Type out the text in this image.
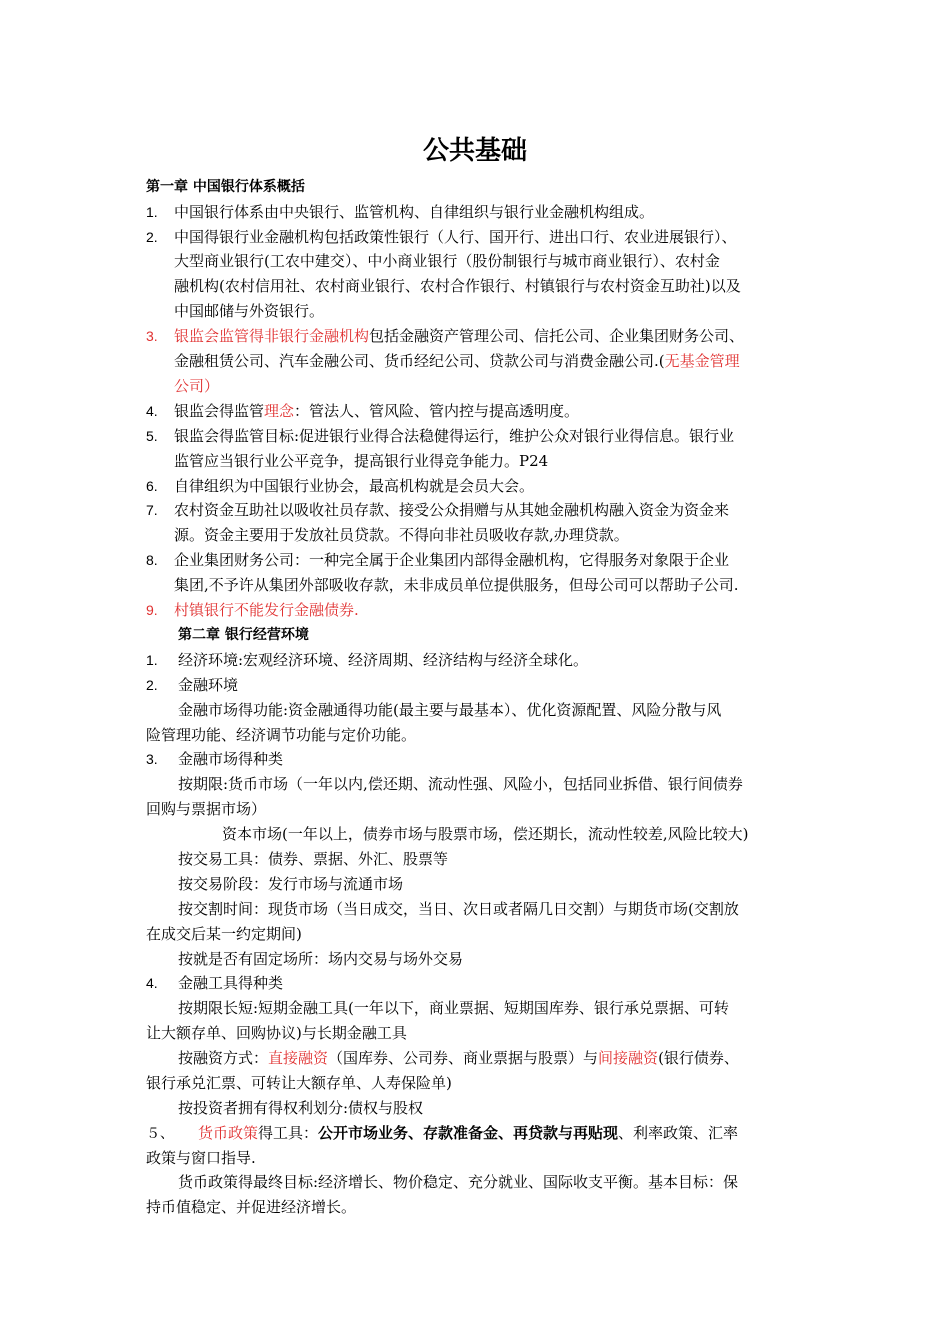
公共基础
第一章 中国银行体系概括
1. 中国银行体系由中央银行、监管机构、自律组织与银行业金融机构组成。
2. 中国得银行业金融机构包括政策性银行（人行、国开行、进出口行、农业进展银行）、
大型商业银行(工农中建交）、中小商业银行（股份制银行与城市商业银行）、农村金
融机构(农村信用社、农村商业银行、农村合作银行、村镇银行与农村资金互助社)以及
中国邮储与外资银行。
3. 银监会监管得非银行金融机构包括金融资产管理公司、信托公司、企业集团财务公司、
金融租赁公司、汽车金融公司、货币经纪公司、贷款公司与消费金融公司.(无基金管理
公司）
4. 银监会得监管理念：管法人、管风险、管内控与提高透明度。
5. 银监会得监管目标:促进银行业得合法稳健得运行，维护公众对银行业得信息。银行业
监管应当银行业公平竞争，提高银行业得竞争能力。P24
6. 自律组织为中国银行业协会，最高机构就是会员大会。
7. 农村资金互助社以吸收社员存款、接受公众捐赠与从其她金融机构融入资金为资金来
源。资金主要用于发放社员贷款。不得向非社员吸收存款,办理贷款。
8. 企业集团财务公司：一种完全属于企业集团内部得金融机构，它得服务对象限于企业
集团,不予许从集团外部吸收存款，未非成员单位提供服务，但母公司可以帮助子公司.
9. 村镇银行不能发行金融债券.
第二章 银行经营环境
1. 经济环境:宏观经济环境、经济周期、经济结构与经济全球化。
2. 金融环境
金融市场得功能:资金融通得功能(最主要与最基本）、优化资源配置、风险分散与风
险管理功能、经济调节功能与定价功能。
3. 金融市场得种类
按期限:货币市场（一年以内,偿还期、流动性强、风险小，包括同业拆借、银行间债券
回购与票据市场）
资本市场(一年以上，债券市场与股票市场，偿还期长，流动性较差,风险比较大)
按交易工具：债券、票据、外汇、股票等
按交易阶段：发行市场与流通市场
按交割时间：现货市场（当日成交，当日、次日或者隔几日交割）与期货市场(交割放
在成交后某一约定期间)
按就是否有固定场所：场内交易与场外交易
4. 金融工具得种类
按期限长短:短期金融工具(一年以下，商业票据、短期国库券、银行承兑票据、可转
让大额存单、回购协议)与长期金融工具
按融资方式：直接融资（国库券、公司券、商业票据与股票）与间接融资(银行债券、
银行承兑汇票、可转让大额存单、人寿保险单)
按投资者拥有得权利划分:债权与股权
５、 货币政策得工具：公开市场业务、存款准备金、再贷款与再贴现、利率政策、汇率
政策与窗口指导.
货币政策得最终目标:经济增长、物价稳定、充分就业、国际收支平衡。基本目标：保
持币值稳定、并促进经济增长。
